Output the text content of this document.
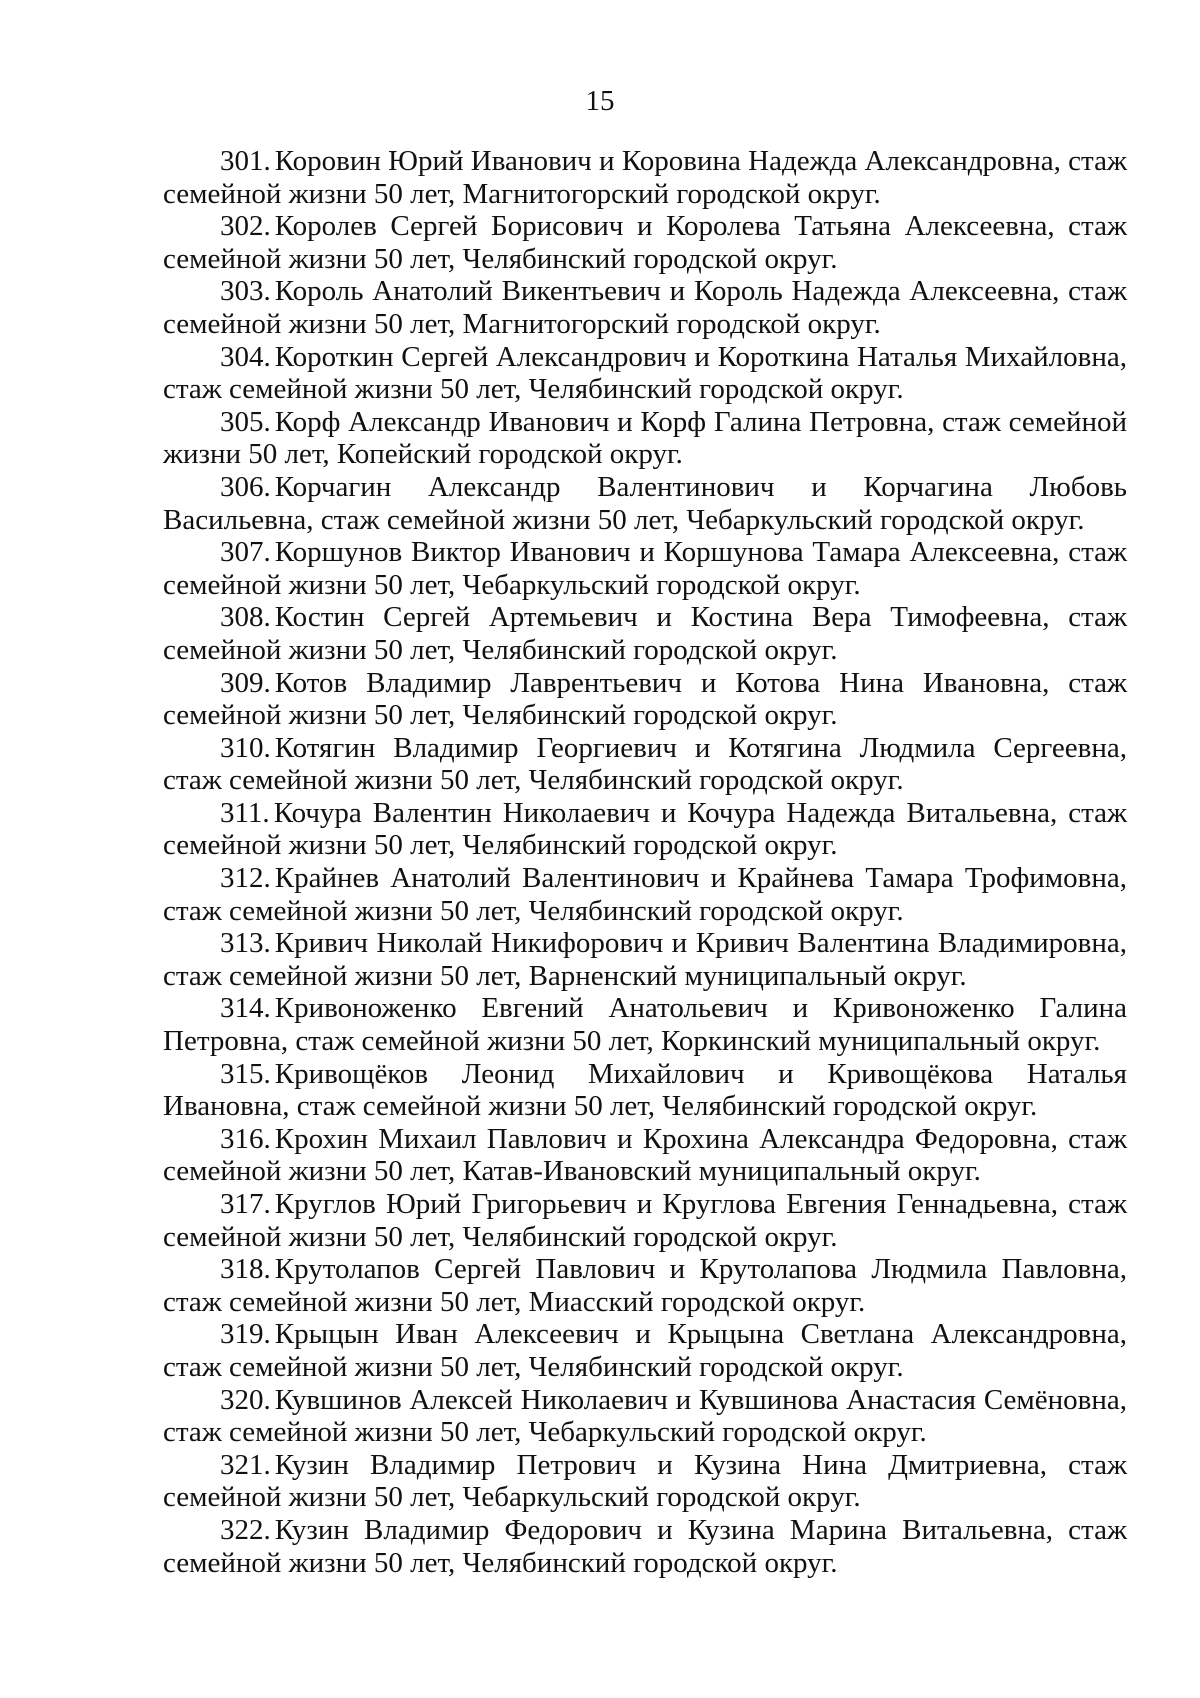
15

301. Коровин Юрий Иванович и Коровина Надежда Александровна, стаж семейной жизни 50 лет, Магнитогорский городской округ.

302. Королев Сергей Борисович и Королева Татьяна Алексеевна, стаж семейной жизни 50 лет, Челябинский городской округ.

303. Король Анатолий Викентьевич и Король Надежда Алексеевна, стаж семейной жизни 50 лет, Магнитогорский городской округ.

304. Короткин Сергей Александрович и Короткина Наталья Михайловна, стаж семейной жизни 50 лет, Челябинский городской округ.

305. Корф Александр Иванович и Корф Галина Петровна, стаж семейной жизни 50 лет, Копейский городской округ.

306. Корчагин Александр Валентинович и Корчагина Любовь Васильевна, стаж семейной жизни 50 лет, Чебаркульский городской округ.

307. Коршунов Виктор Иванович и Коршунова Тамара Алексеевна, стаж семейной жизни 50 лет, Чебаркульский городской округ.

308. Костин Сергей Артемьевич и Костина Вера Тимофеевна, стаж семейной жизни 50 лет, Челябинский городской округ.

309. Котов Владимир Лаврентьевич и Котова Нина Ивановна, стаж семейной жизни 50 лет, Челябинский городской округ.

310. Котягин Владимир Георгиевич и Котягина Людмила Сергеевна, стаж семейной жизни 50 лет, Челябинский городской округ.

311. Кочура Валентин Николаевич и Кочура Надежда Витальевна, стаж семейной жизни 50 лет, Челябинский городской округ.

312. Крайнев Анатолий Валентинович и Крайнева Тамара Трофимовна, стаж семейной жизни 50 лет, Челябинский городской округ.

313. Кривич Николай Никифорович и Кривич Валентина Владимировна, стаж семейной жизни 50 лет, Варненский муниципальный округ.

314. Кривоноженко Евгений Анатольевич и Кривоноженко Галина Петровна, стаж семейной жизни 50 лет, Коркинский муниципальный округ.

315. Кривощёков Леонид Михайлович и Кривощёкова Наталья Ивановна, стаж семейной жизни 50 лет, Челябинский городской округ.

316. Крохин Михаил Павлович и Крохина Александра Федоровна, стаж семейной жизни 50 лет, Катав-Ивановский муниципальный округ.

317. Круглов Юрий Григорьевич и Круглова Евгения Геннадьевна, стаж семейной жизни 50 лет, Челябинский городской округ.

318. Крутолапов Сергей Павлович и Крутолапова Людмила Павловна, стаж семейной жизни 50 лет, Миасский городской округ.

319. Крыцын Иван Алексеевич и Крыцына Светлана Александровна, стаж семейной жизни 50 лет, Челябинский городской округ.

320. Кувшинов Алексей Николаевич и Кувшинова Анастасия Семёновна, стаж семейной жизни 50 лет, Чебаркульский городской округ.

321. Кузин Владимир Петрович и Кузина Нина Дмитриевна, стаж семейной жизни 50 лет, Чебаркульский городской округ.

322. Кузин Владимир Федорович и Кузина Марина Витальевна, стаж семейной жизни 50 лет, Челябинский городской округ.
